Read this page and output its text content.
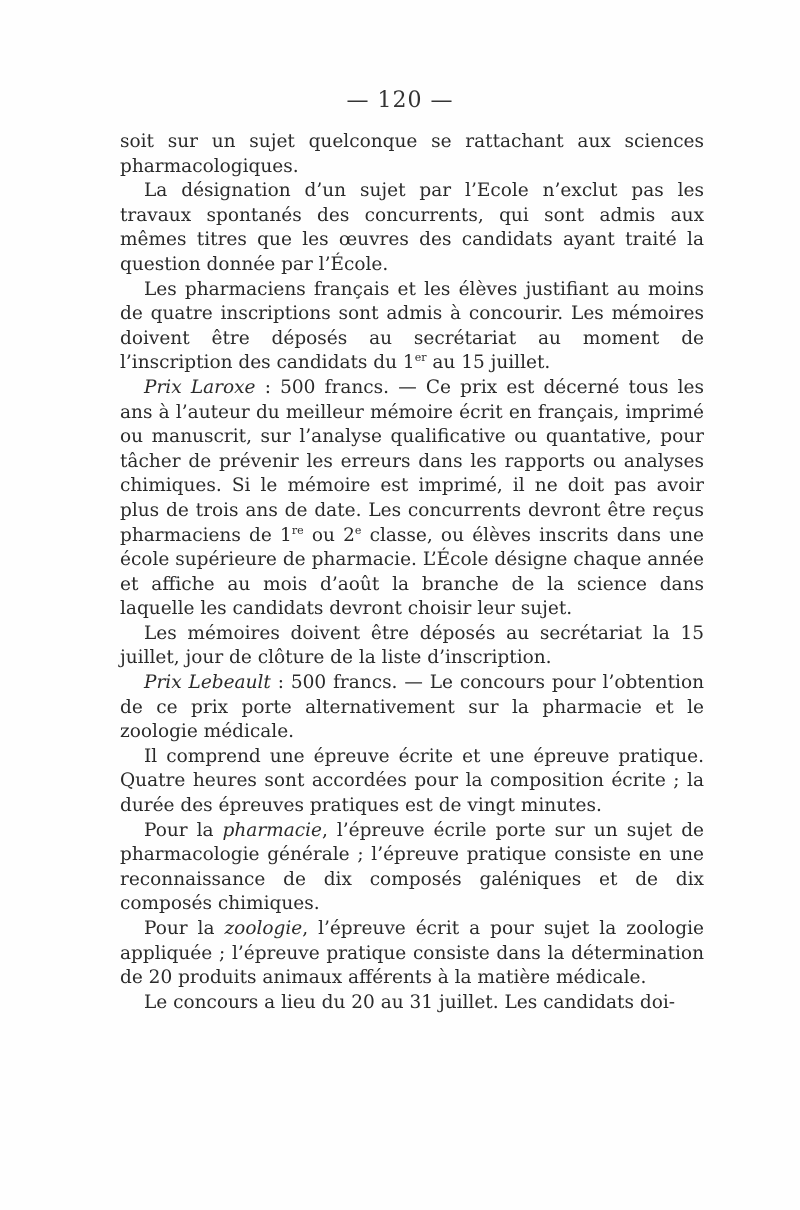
— 120 —

soit sur un sujet quelconque se rattachant aux sciences pharmacologiques.

La désignation d’un sujet par l’Ecole n’exclut pas les travaux spontanés des concurrents, qui sont admis aux mêmes titres que les œuvres des candidats ayant traité la question donnée par l’École.

Les pharmaciens français et les élèves justifiant au moins de quatre inscriptions sont admis à concourir. Les mémoires doivent être déposés au secrétariat au moment de l’inscription des candidats du 1er au 15 juillet.

Prix Laroxe : 500 francs. — Ce prix est décerné tous les ans à l’auteur du meilleur mémoire écrit en français, imprimé ou manuscrit, sur l’analyse qualificative ou quantative, pour tâcher de prévenir les erreurs dans les rapports ou analyses chimiques. Si le mémoire est imprimé, il ne doit pas avoir plus de trois ans de date. Les concurrents devront être reçus pharmaciens de 1re ou 2e classe, ou élèves inscrits dans une école supérieure de pharmacie. L’École désigne chaque année et affiche au mois d’août la branche de la science dans laquelle les candidats devront choisir leur sujet.

Les mémoires doivent être déposés au secrétariat la 15 juillet, jour de clôture de la liste d’inscription.

Prix Lebeault : 500 francs. — Le concours pour l’obtention de ce prix porte alternativement sur la pharmacie et le zoologie médicale.

Il comprend une épreuve écrite et une épreuve pratique. Quatre heures sont accordées pour la composition écrite ; la durée des épreuves pratiques est de vingt minutes.

Pour la pharmacie, l’épreuve écrile porte sur un sujet de pharmacologie générale ; l’épreuve pratique consiste en une reconnaissance de dix composés galéniques et de dix composés chimiques.

Pour la zoologie, l’épreuve écrit a pour sujet la zoologie appliquée ; l’épreuve pratique consiste dans la détermination de 20 produits animaux afférents à la matière médicale.

Le concours a lieu du 20 au 31 juillet. Les candidats doi-
